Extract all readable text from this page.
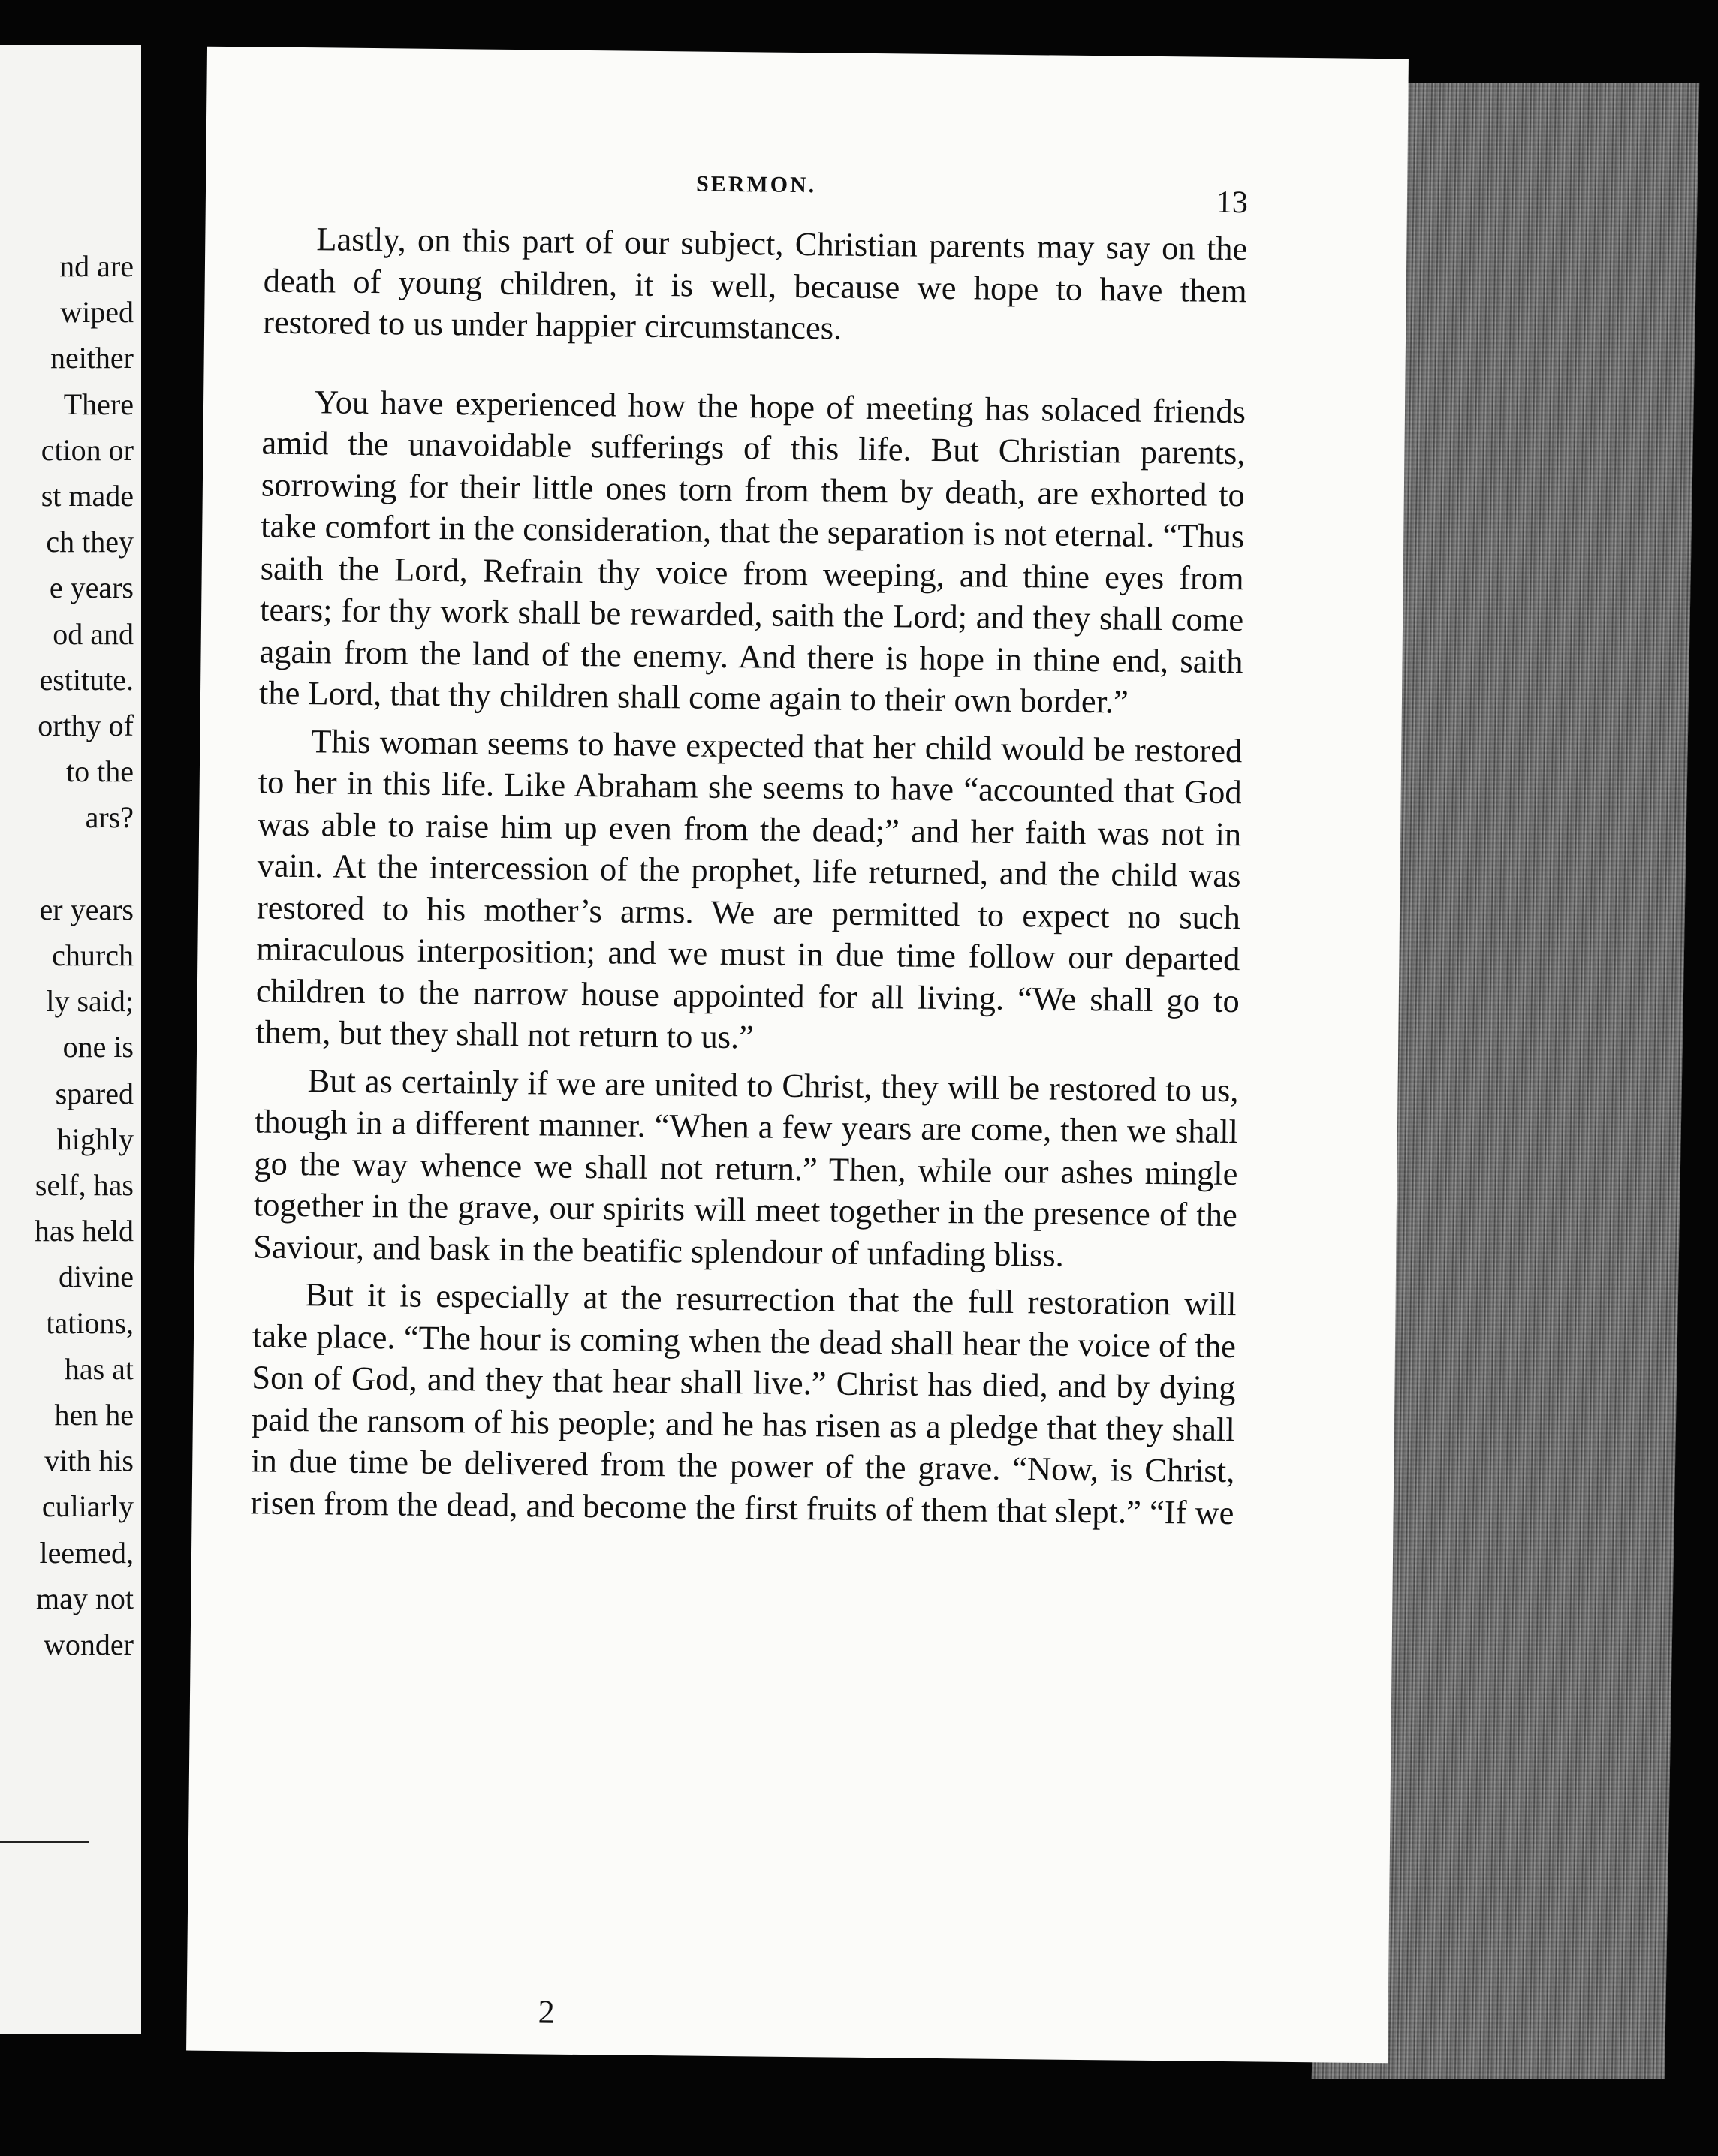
nd are
wiped
neither
There
ction or
st made
ch they
e years
od and
estitute.
orthy of
to the
ars?
er years
church
ly said;
one is
spared
highly
self, has
has held
divine
tations,
has at
hen he
vith his
culiarly
leemed,
may not
wonder
SERMON.
13

Lastly, on this part of our subject, Christian parents may say on the death of young children, it is well, because we hope to have them restored to us under happier circumstances.

You have experienced how the hope of meeting has solaced friends amid the unavoidable sufferings of this life. But Christian parents, sorrowing for their little ones torn from them by death, are exhorted to take comfort in the consideration, that the separation is not eternal. “Thus saith the Lord, Refrain thy voice from weeping, and thine eyes from tears; for thy work shall be rewarded, saith the Lord; and they shall come again from the land of the enemy. And there is hope in thine end, saith the Lord, that thy children shall come again to their own border.”

This woman seems to have expected that her child would be restored to her in this life. Like Abraham she seems to have “accounted that God was able to raise him up even from the dead;” and her faith was not in vain. At the intercession of the prophet, life returned, and the child was restored to his mother’s arms. We are permitted to expect no such miraculous interposition; and we must in due time follow our departed children to the narrow house appointed for all living. “We shall go to them, but they shall not return to us.”

But as certainly if we are united to Christ, they will be restored to us, though in a different manner. “When a few years are come, then we shall go the way whence we shall not return.” Then, while our ashes mingle together in the grave, our spirits will meet together in the presence of the Saviour, and bask in the beatific splendour of unfading bliss.

But it is especially at the resurrection that the full restoration will take place. “The hour is coming when the dead shall hear the voice of the Son of God, and they that hear shall live.” Christ has died, and by dying paid the ransom of his people; and he has risen as a pledge that they shall in due time be delivered from the power of the grave. “Now, is Christ, risen from the dead, and become the first fruits of them that slept.” “If we

2
